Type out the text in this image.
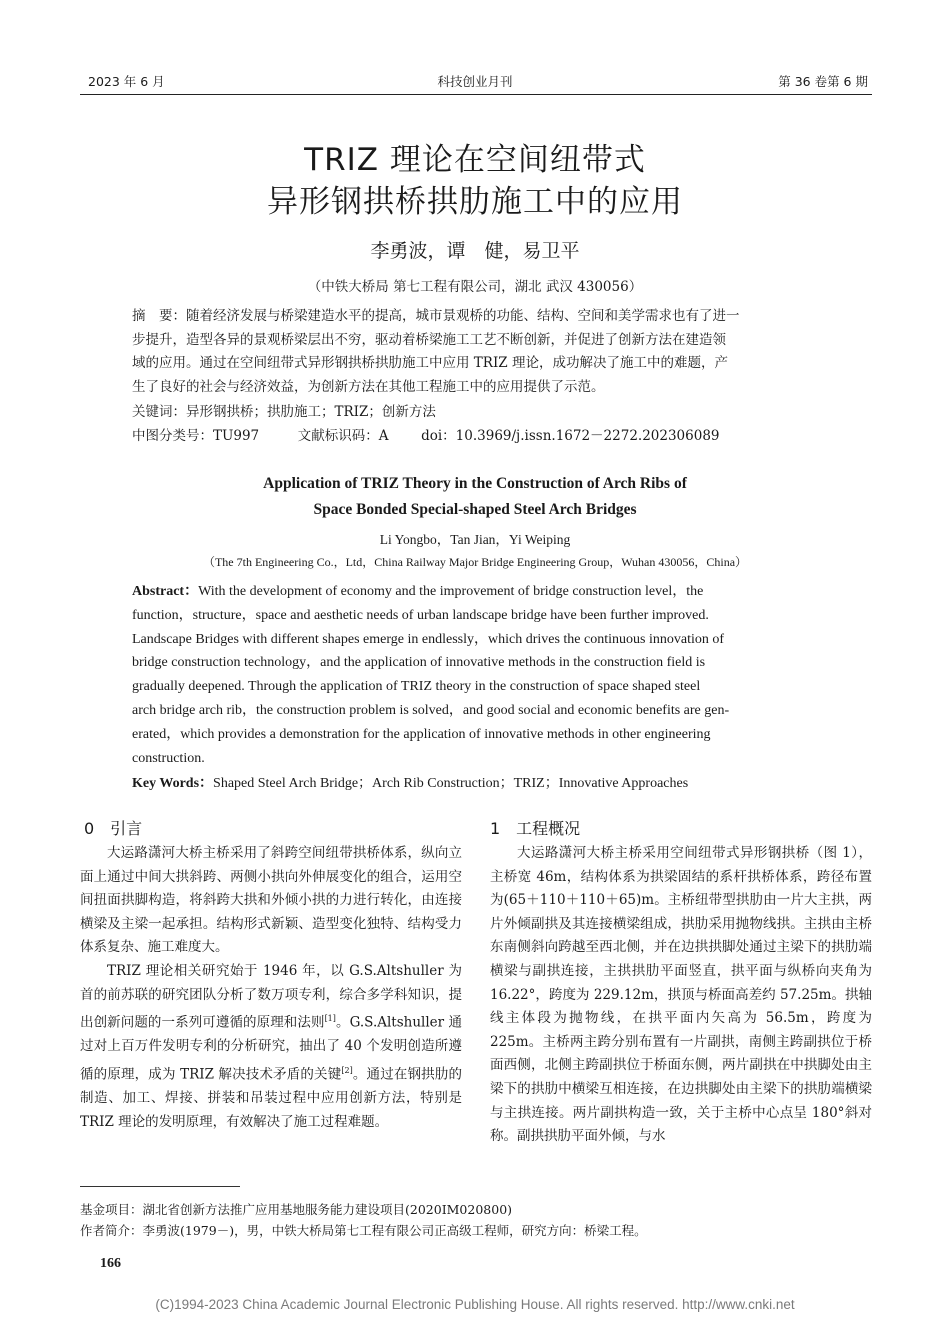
2023 年 6 月	科技创业月刊	第 36 卷第 6 期
TRIZ 理论在空间纽带式
异形钢拱桥拱肋施工中的应用
李勇波，谭　健，易卫平
（中铁大桥局 第七工程有限公司，湖北 武汉 430056）

摘　要：随着经济发展与桥梁建造水平的提高，城市景观桥的功能、结构、空间和美学需求也有了进一

步提升，造型各异的景观桥梁层出不穷，驱动着桥梁施工工艺不断创新，并促进了创新方法在建造领

域的应用。通过在空间纽带式异形钢拱桥拱肋施工中应用 TRIZ 理论，成功解决了施工中的难题，产

生了良好的社会与经济效益，为创新方法在其他工程施工中的应用提供了示范。

关键词：异形钢拱桥；拱肋施工；TRIZ；创新方法
中图分类号：TU997	文献标识码：A doi：10.3969/j.issn.1672－2272.202306089
Application of TRIZ Theory in the Construction of Arch Ribs of
Space Bonded Special-shaped Steel Arch Bridges
Li Yongbo，Tan Jian，Yi Weiping
（The 7th Engineering Co.，Ltd，China Railway Major Bridge Engineering Group，Wuhan 430056，China）

Abstract：With the development of economy and the improvement of bridge construction level，the

function，structure，space and aesthetic needs of urban landscape bridge have been further improved.

Landscape Bridges with different shapes emerge in endlessly，which drives the continuous innovation of

bridge construction technology，and the application of innovative methods in the construction field is

gradually deepened. Through the application of TRIZ theory in the construction of space shaped steel

arch bridge arch rib，the construction problem is solved，and good social and economic benefits are gen-

erated，which provides a demonstration for the application of innovative methods in other engineering

construction.

Key Words：Shaped Steel Arch Bridge；Arch Rib Construction；TRIZ；Innovative Approaches
0　引言

大运路潇河大桥主桥采用了斜跨空间纽带拱桥体系，纵向立面上通过中间大拱斜跨、两侧小拱向外伸展变化的组合，运用空间扭面拱脚构造，将斜跨大拱和外倾小拱的力进行转化，由连接横梁及主梁一起承担。结构形式新颖、造型变化独特、结构受力体系复杂、施工难度大。

TRIZ 理论相关研究始于 1946 年，以 G.S.Altshuller 为首的前苏联的研究团队分析了数万项专利，综合多学科知识，提出创新问题的一系列可遵循的原理和法则[1]。G.S.Altshuller 通过对上百万件发明专利的分析研究，抽出了 40 个发明创造所遵循的原理，成为 TRIZ 解决技术矛盾的关键[2]。通过在钢拱肋的制造、加工、焊接、拼装和吊装过程中应用创新方法，特别是 TRIZ 理论的发明原理，有效解决了施工过程难题。

1　工程概况

大运路潇河大桥主桥采用空间纽带式异形钢拱桥（图 1），主桥宽 46m，结构体系为拱梁固结的系杆拱桥体系，跨径布置为(65＋110＋110＋65)m。主桥纽带型拱肋由一片大主拱，两片外倾副拱及其连接横梁组成，拱肋采用抛物线拱。主拱由主桥东南侧斜向跨越至西北侧，并在边拱拱脚处通过主梁下的拱肋端横梁与副拱连接，主拱拱肋平面竖直，拱平面与纵桥向夹角为 16.22°，跨度为 229.12m，拱顶与桥面高差约 57.25m。拱轴线主体段为抛物线，在拱平面内矢高为 56.5m，跨度为 225m。主桥两主跨分别布置有一片副拱，南侧主跨副拱位于桥面西侧，北侧主跨副拱位于桥面东侧，两片副拱在中拱脚处由主梁下的拱肋中横梁互相连接，在边拱脚处由主梁下的拱肋端横梁与主拱连接。两片副拱构造一致，关于主桥中心点呈 180°斜对称。副拱拱肋平面外倾，与水

基金项目：湖北省创新方法推广应用基地服务能力建设项目(2020IM020800)
作者简介：李勇波(1979－)，男，中铁大桥局第七工程有限公司正高级工程师，研究方向：桥梁工程。
166
(C)1994-2023 China Academic Journal Electronic Publishing House. All rights reserved. http://www.cnki.net
